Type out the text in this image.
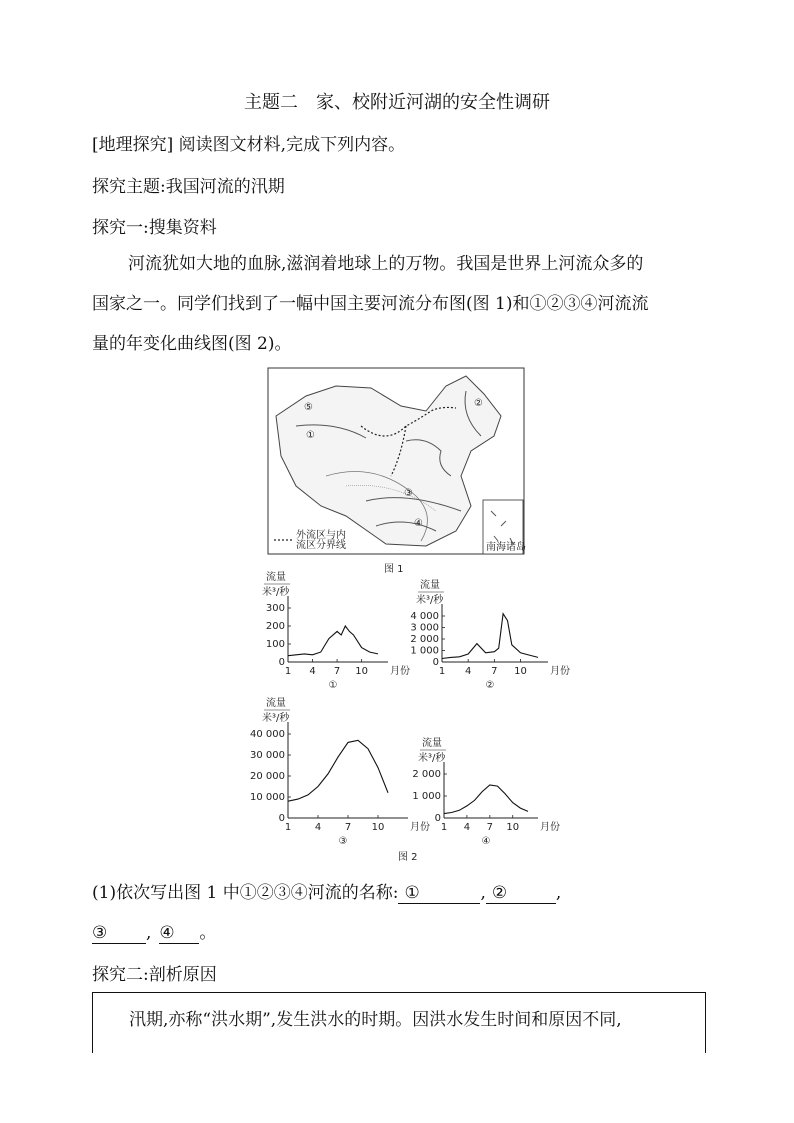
主题二　家、校附近河湖的安全性调研
[地理探究] 阅读图文材料,完成下列内容。
探究主题:我国河流的汛期
探究一:搜集资料
河流犹如大地的血脉,滋润着地球上的万物。我国是世界上河流众多的
国家之一。同学们找到了一幅中国主要河流分布图(图 1)和①②③④河流流
量的年变化曲线图(图 2)。
南海诸岛
外流区与内
流区分界线
①
②
③
④
⑤
图 1
流量
米³/秒
0
100
200
300
1 4 7 10 月份
①
流量
米³/秒
0
1 000
2 000
3 000
4 000
1 4 7 10 月份
②
流量
米³/秒
0
10 000
20 000
30 000
40 000
1 4 7 10	月份
③
流量
米³/秒
0
1 000
2 000
1 4 7 10 月份
④
图 2
(1)依次写出图 1 中①②③④河流的名称: ①	, ②	,
③ , ④ 。
探究二:剖析原因
汛期,亦称“洪水期”,发生洪水的时期。因洪水发生时间和原因不同,
